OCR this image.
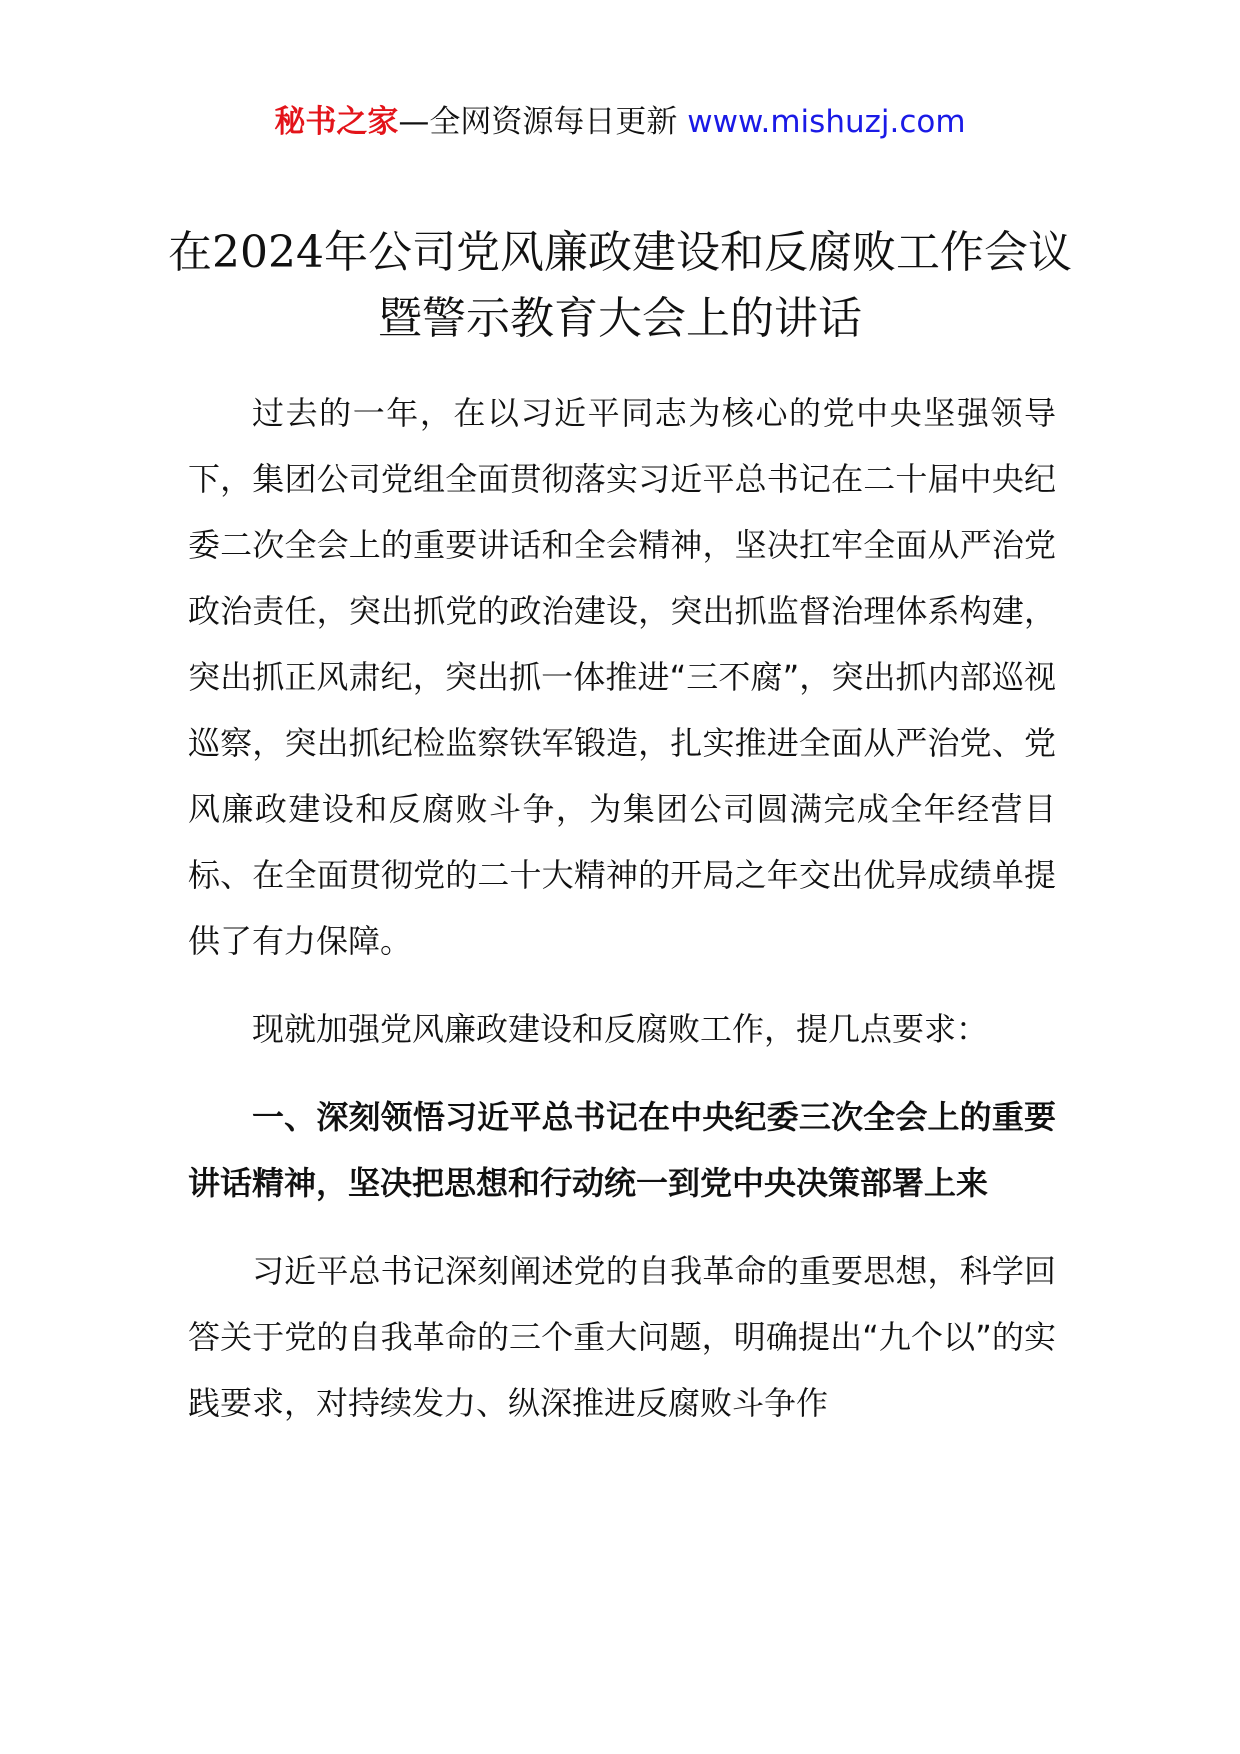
秘书之家—全网资源每日更新 www.mishuzj.com
在2024年公司党风廉政建设和反腐败工作会议暨警示教育大会上的讲话

过去的一年，在以习近平同志为核心的党中央坚强领导下，集团公司党组全面贯彻落实习近平总书记在二十届中央纪委二次全会上的重要讲话和全会精神，坚决扛牢全面从严治党政治责任，突出抓党的政治建设，突出抓监督治理体系构建，突出抓正风肃纪，突出抓一体推进“三不腐”，突出抓内部巡视巡察，突出抓纪检监察铁军锻造，扎实推进全面从严治党、党风廉政建设和反腐败斗争，为集团公司圆满完成全年经营目标、在全面贯彻党的二十大精神的开局之年交出优异成绩单提供了有力保障。

现就加强党风廉政建设和反腐败工作，提几点要求：

一、深刻领悟习近平总书记在中央纪委三次全会上的重要讲话精神，坚决把思想和行动统一到党中央决策部署上来

习近平总书记深刻阐述党的自我革命的重要思想，科学回答关于党的自我革命的三个重大问题，明确提出“九个以”的实践要求，对持续发力、纵深推进反腐败斗争作
